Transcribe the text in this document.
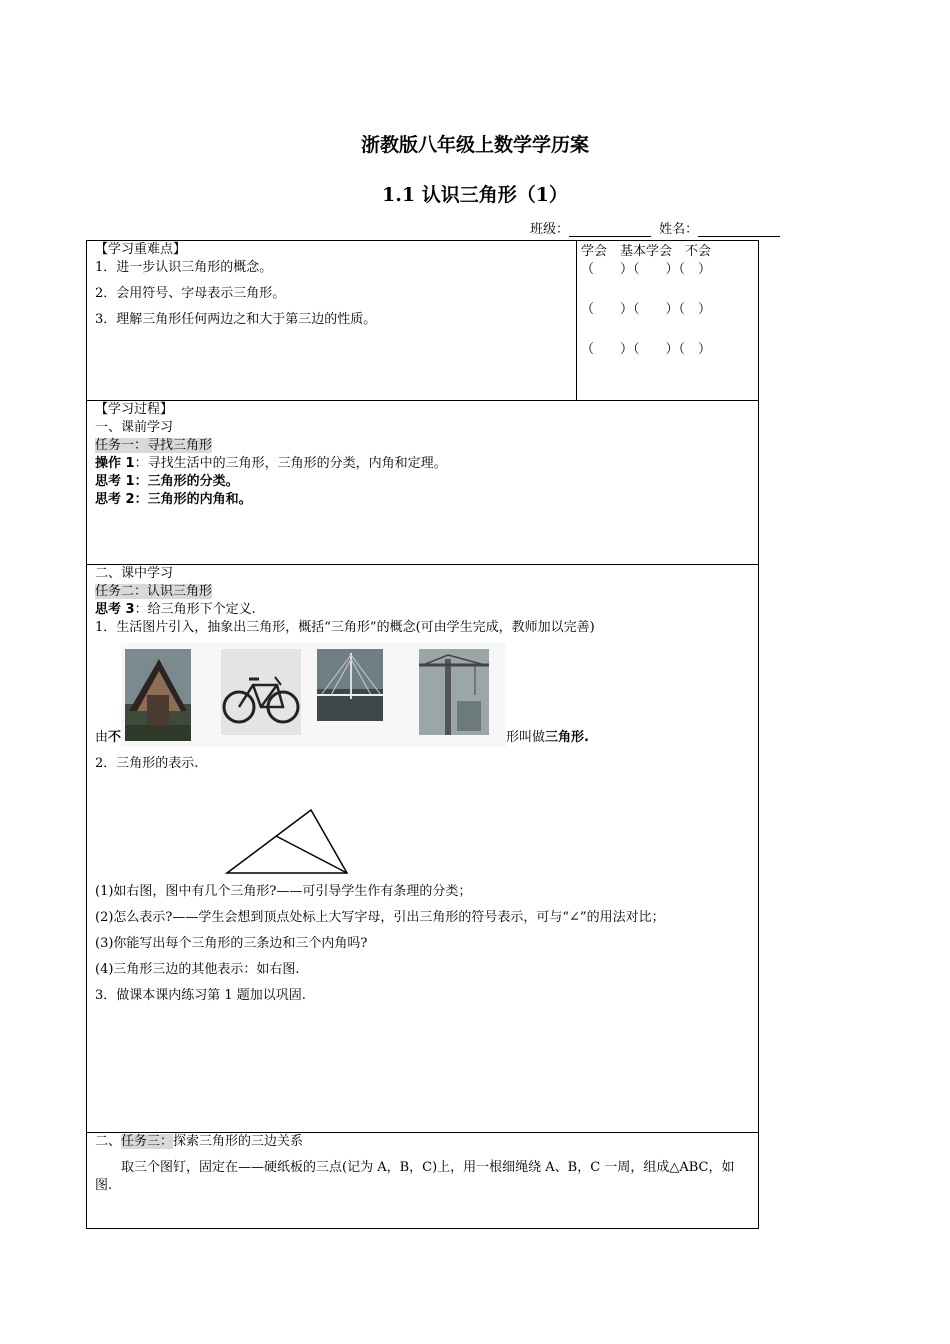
浙教版八年级上数学学历案
1.1 认识三角形（1）
班级：	姓名：

【学习重难点】

1．进一步认识三角形的概念。

2．会用符号、字母表示三角形。

3．理解三角形任何两边之和大于第三边的性质。

学会　基本学会　不会

（　　）（　　）（　）

（　　）（　　）（　）

（　　）（　　）（　）

【学习过程】

一、课前学习

任务一：寻找三角形

操作 1：寻找生活中的三角形，三角形的分类，内角和定理。

思考 1：三角形的分类。

思考 2：三角形的内角和。

二、课中学习

任务二：认识三角形

思考 3：给三角形下个定义.

1．生活图片引入，抽象出三角形，概括“三角形”的概念(可由学生完成，教师加以完善)

由不	形叫做三角形.

2．三角形的表示.

(1)如右图，图中有几个三角形?——可引导学生作有条理的分类；

(2)怎么表示?——学生会想到顶点处标上大写字母，引出三角形的符号表示，可与“∠”的用法对比；

(3)你能写出每个三角形的三条边和三个内角吗?

(4)三角形三边的其他表示：如右图.

3．做课本课内练习第 1 题加以巩固.

二、任务三：探索三角形的三边关系

取三个图钉，固定在——硬纸板的三点(记为 A，B，C)上，用一根细绳绕 A、B，C 一周，组成△ABC，如图.
